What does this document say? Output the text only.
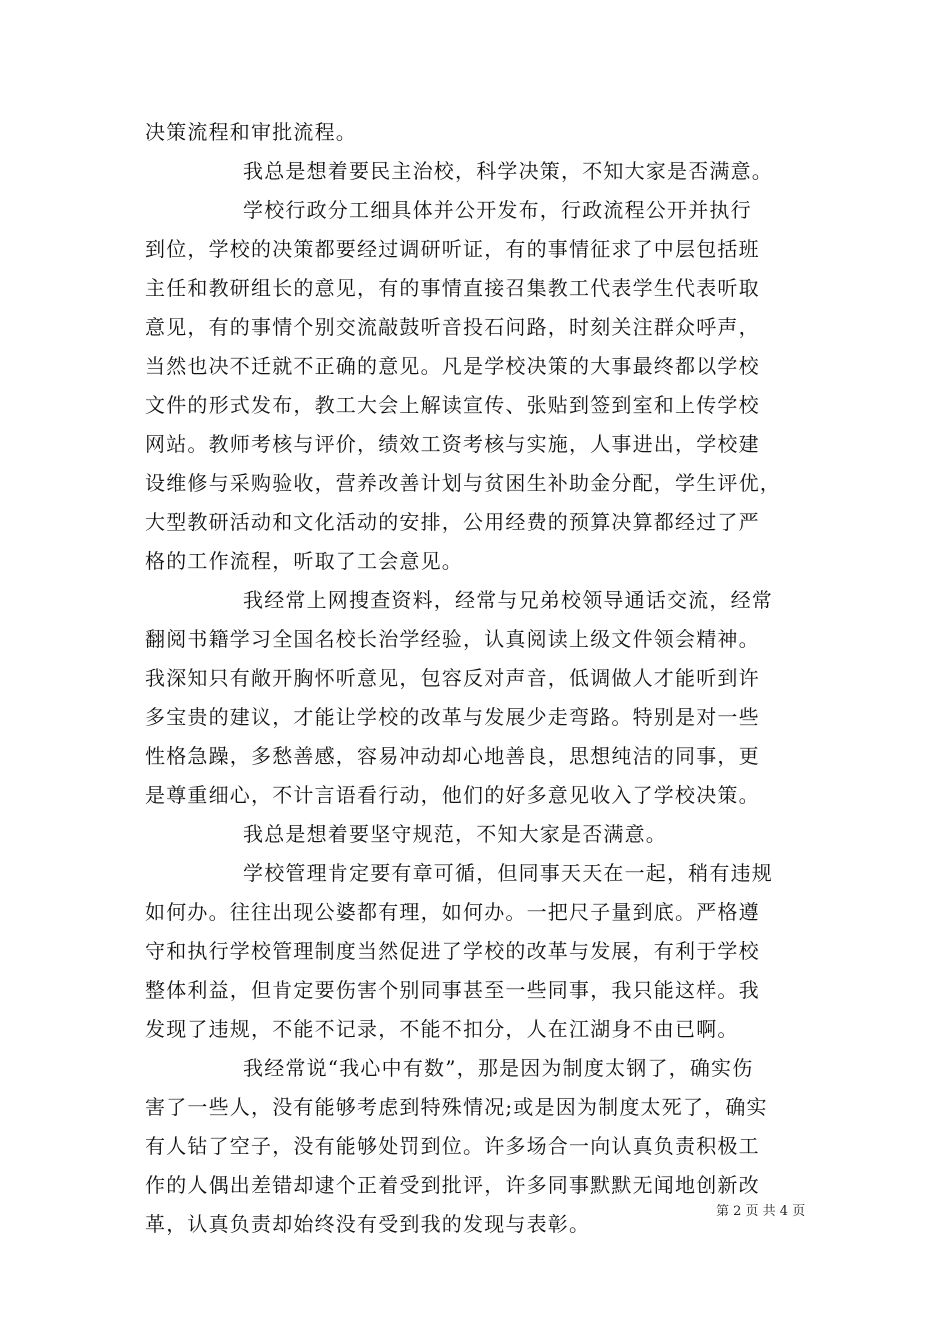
决策流程和审批流程。
我总是想着要民主治校，科学决策，不知大家是否满意。
学校行政分工细具体并公开发布，行政流程公开并执行
到位，学校的决策都要经过调研听证，有的事情征求了中层包括班
主任和教研组长的意见，有的事情直接召集教工代表学生代表听取
意见，有的事情个别交流敲鼓听音投石问路，时刻关注群众呼声，
当然也决不迁就不正确的意见。凡是学校决策的大事最终都以学校
文件的形式发布，教工大会上解读宣传、张贴到签到室和上传学校
网站。教师考核与评价，绩效工资考核与实施，人事进出，学校建
设维修与采购验收，营养改善计划与贫困生补助金分配，学生评优，
大型教研活动和文化活动的安排，公用经费的预算决算都经过了严
格的工作流程，听取了工会意见。
我经常上网搜查资料，经常与兄弟校领导通话交流，经常
翻阅书籍学习全国名校长治学经验，认真阅读上级文件领会精神。
我深知只有敞开胸怀听意见，包容反对声音，低调做人才能听到许
多宝贵的建议，才能让学校的改革与发展少走弯路。特别是对一些
性格急躁，多愁善感，容易冲动却心地善良，思想纯洁的同事，更
是尊重细心，不计言语看行动，他们的好多意见收入了学校决策。
我总是想着要坚守规范，不知大家是否满意。
学校管理肯定要有章可循，但同事天天在一起，稍有违规
如何办。往往出现公婆都有理，如何办。一把尺子量到底。严格遵
守和执行学校管理制度当然促进了学校的改革与发展，有利于学校
整体利益，但肯定要伤害个别同事甚至一些同事，我只能这样。我
发现了违规，不能不记录，不能不扣分，人在江湖身不由已啊。
我经常说“我心中有数”，那是因为制度太钢了，确实伤
害了一些人，没有能够考虑到特殊情况;或是因为制度太死了，确实
有人钻了空子，没有能够处罚到位。许多场合一向认真负责积极工
作的人偶出差错却逮个正着受到批评，许多同事默默无闻地创新改
革，认真负责却始终没有受到我的发现与表彰。
第 2 页 共 4 页
